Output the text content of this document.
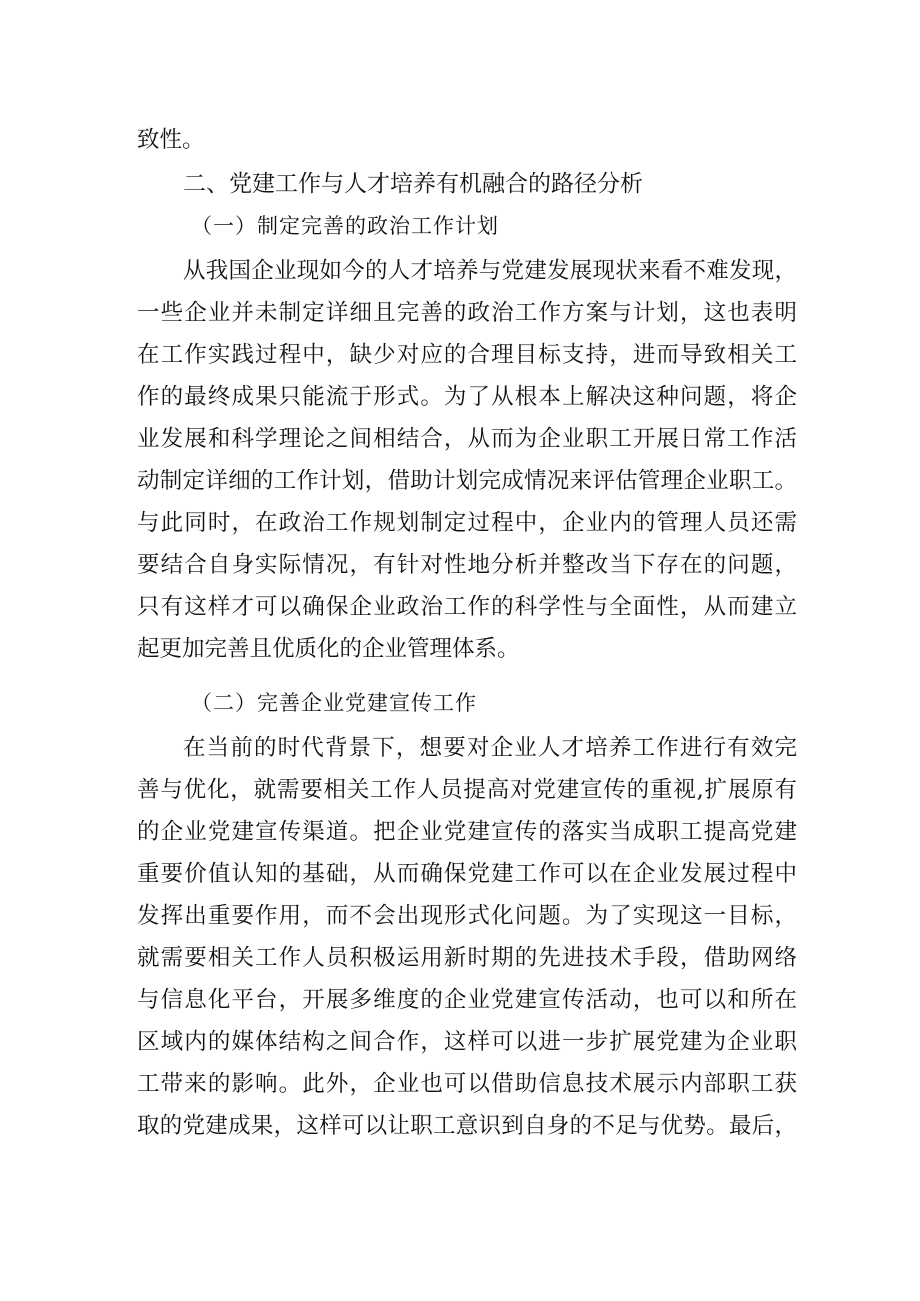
致性。
二、党建工作与人才培养有机融合的路径分析
（一）制定完善的政治工作计划
从我国企业现如今的人才培养与党建发展现状来看不难发现，
一些企业并未制定详细且完善的政治工作方案与计划，这也表明
在工作实践过程中，缺少对应的合理目标支持，进而导致相关工
作的最终成果只能流于形式。为了从根本上解决这种问题，将企
业发展和科学理论之间相结合，从而为企业职工开展日常工作活
动制定详细的工作计划，借助计划完成情况来评估管理企业职工。
与此同时，在政治工作规划制定过程中，企业内的管理人员还需
要结合自身实际情况，有针对性地分析并整改当下存在的问题，
只有这样才可以确保企业政治工作的科学性与全面性，从而建立
起更加完善且优质化的企业管理体系。
（二）完善企业党建宣传工作
在当前的时代背景下，想要对企业人才培养工作进行有效完
善与优化，就需要相关工作人员提高对党建宣传的重视,扩展原有
的企业党建宣传渠道。把企业党建宣传的落实当成职工提高党建
重要价值认知的基础，从而确保党建工作可以在企业发展过程中
发挥出重要作用，而不会出现形式化问题。为了实现这一目标，
就需要相关工作人员积极运用新时期的先进技术手段，借助网络
与信息化平台，开展多维度的企业党建宣传活动，也可以和所在
区域内的媒体结构之间合作，这样可以进一步扩展党建为企业职
工带来的影响。此外，企业也可以借助信息技术展示内部职工获
取的党建成果，这样可以让职工意识到自身的不足与优势。最后，
